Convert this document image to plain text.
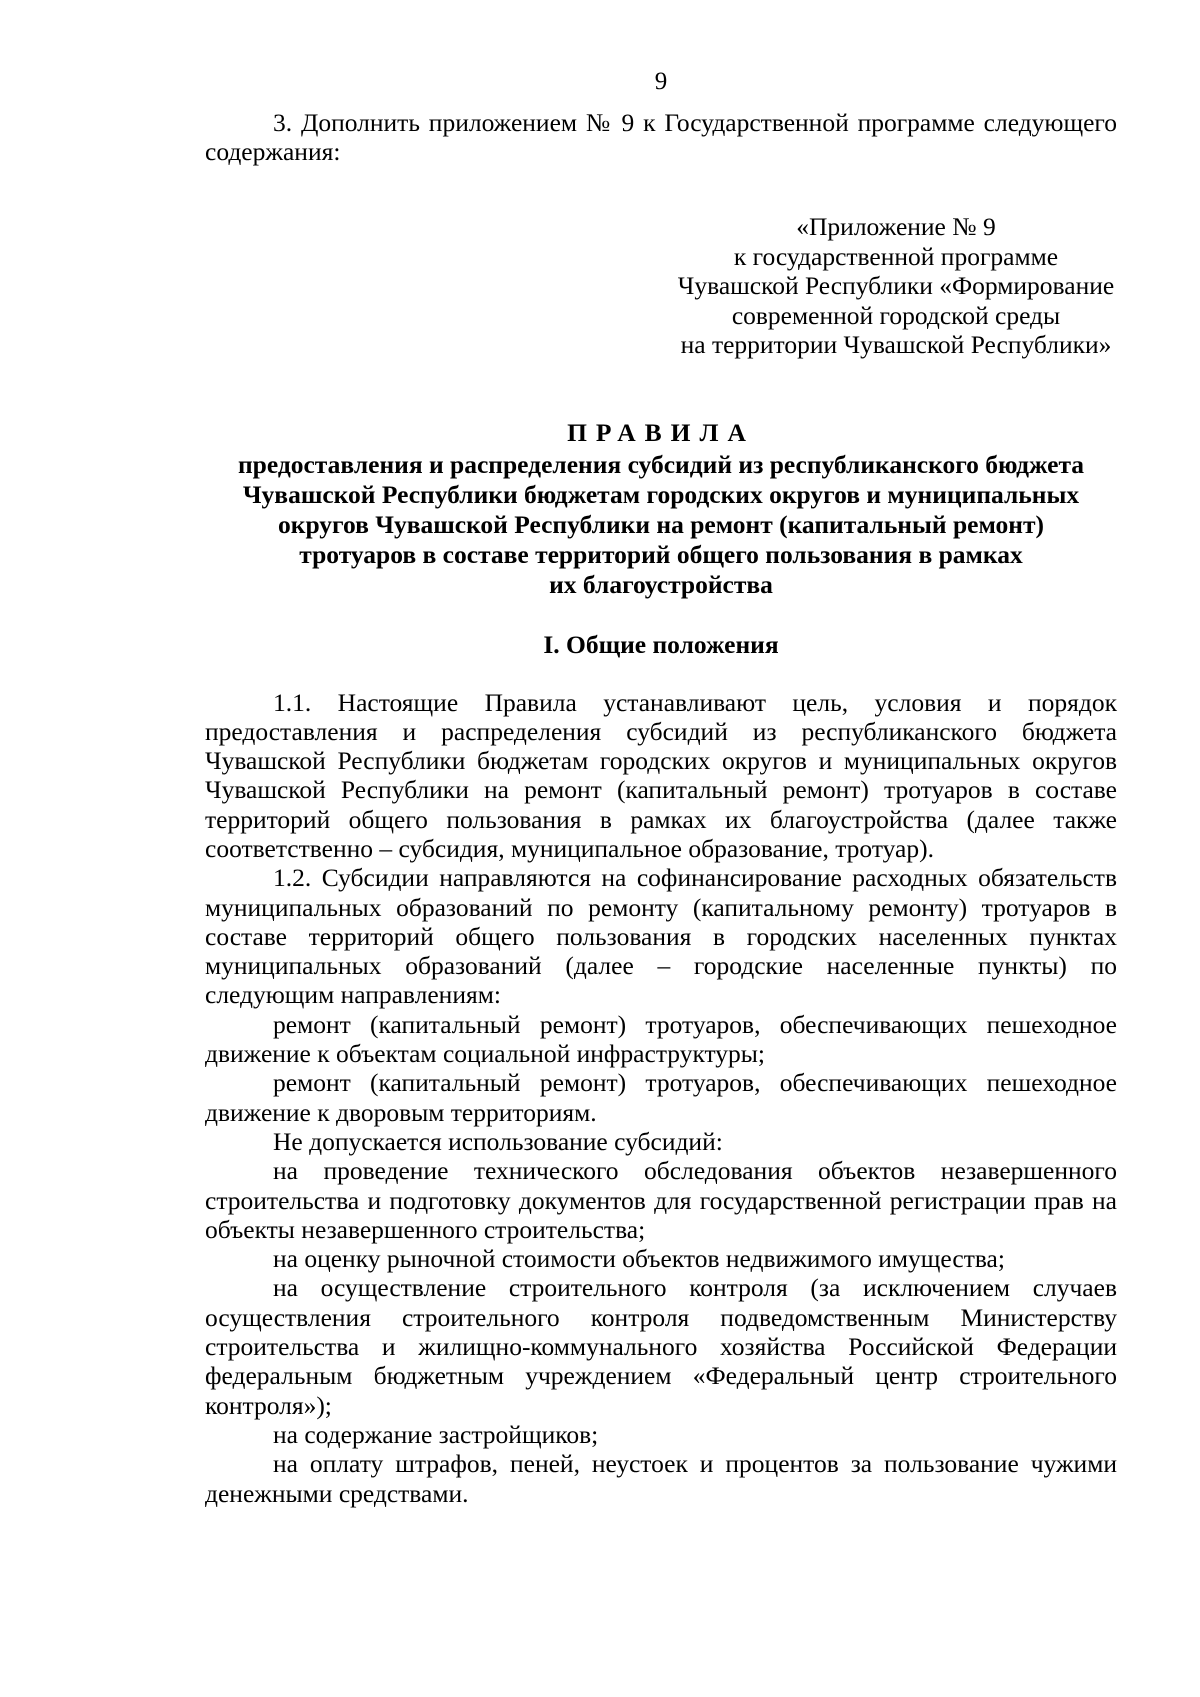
9

3. Дополнить приложением № 9 к Государственной программе следующего содержания:

«Приложение № 9
к государственной программе
Чувашской Республики «Формирование
современной городской среды
на территории Чувашской Республики»
ПРАВИЛА
предоставления и распределения субсидий из республиканского бюджета
Чувашской Республики бюджетам городских округов и муниципальных
округов Чувашской Республики на ремонт (капитальный ремонт)
тротуаров в составе территорий общего пользования в рамках
их благоустройства
I. Общие положения

1.1. Настоящие Правила устанавливают цель, условия и порядок предоставления и распределения субсидий из республиканского бюджета Чувашской Республики бюджетам городских округов и муниципальных округов Чувашской Республики на ремонт (капитальный ремонт) тротуаров в составе территорий общего пользования в рамках их благоустройства (далее также соответственно – субсидия, муниципальное образование, тротуар).

1.2. Субсидии направляются на софинансирование расходных обязательств муниципальных образований по ремонту (капитальному ремонту) тротуаров в составе территорий общего пользования в городских населенных пунктах муниципальных образований (далее – городские населенные пункты) по следующим направлениям:

ремонт (капитальный ремонт) тротуаров, обеспечивающих пешеходное движение к объектам социальной инфраструктуры;

ремонт (капитальный ремонт) тротуаров, обеспечивающих пешеходное движение к дворовым территориям.

Не допускается использование субсидий:

на проведение технического обследования объектов незавершенного строительства и подготовку документов для государственной регистрации прав на объекты незавершенного строительства;

на оценку рыночной стоимости объектов недвижимого имущества;

на осуществление строительного контроля (за исключением случаев осуществления строительного контроля подведомственным Министерству строительства и жилищно-коммунального хозяйства Российской Федерации федеральным бюджетным учреждением «Федеральный центр строительного контроля»);

на содержание застройщиков;

на оплату штрафов, пеней, неустоек и процентов за пользование чужими денежными средствами.
